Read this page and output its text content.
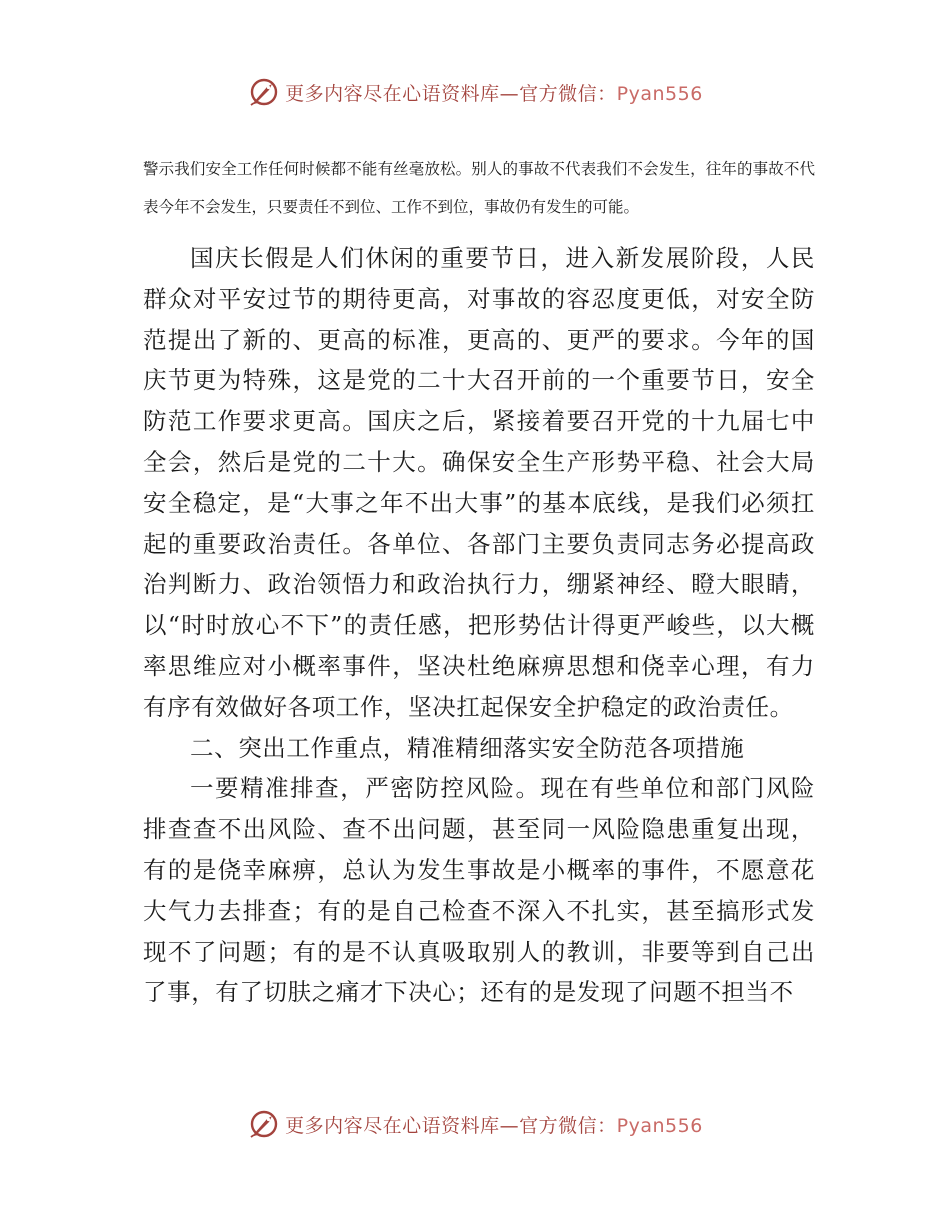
更多内容尽在心语资料库—官方微信：Pyan556

警示我们安全工作任何时候都不能有丝毫放松。别人的事故不代表我们不会发生，往年的事故不代表今年不会发生，只要责任不到位、工作不到位，事故仍有发生的可能。

国庆长假是人们休闲的重要节日，进入新发展阶段，人民群众对平安过节的期待更高，对事故的容忍度更低，对安全防范提出了新的、更高的标准，更高的、更严的要求。今年的国庆节更为特殊，这是党的二十大召开前的一个重要节日，安全防范工作要求更高。国庆之后，紧接着要召开党的十九届七中全会，然后是党的二十大。确保安全生产形势平稳、社会大局安全稳定，是“大事之年不出大事”的基本底线，是我们必须扛起的重要政治责任。各单位、各部门主要负责同志务必提高政治判断力、政治领悟力和政治执行力，绷紧神经、瞪大眼睛，以“时时放心不下”的责任感，把形势估计得更严峻些，以大概率思维应对小概率事件，坚决杜绝麻痹思想和侥幸心理，有力有序有效做好各项工作，坚决扛起保安全护稳定的政治责任。

二、突出工作重点，精准精细落实安全防范各项措施

一要精准排查，严密防控风险。现在有些单位和部门风险排查查不出风险、查不出问题，甚至同一风险隐患重复出现，有的是侥幸麻痹，总认为发生事故是小概率的事件，不愿意花大气力去排查；有的是自己检查不深入不扎实，甚至搞形式发现不了问题；有的是不认真吸取别人的教训，非要等到自己出了事，有了切肤之痛才下决心；还有的是发现了问题不担当不

更多内容尽在心语资料库—官方微信：Pyan556
